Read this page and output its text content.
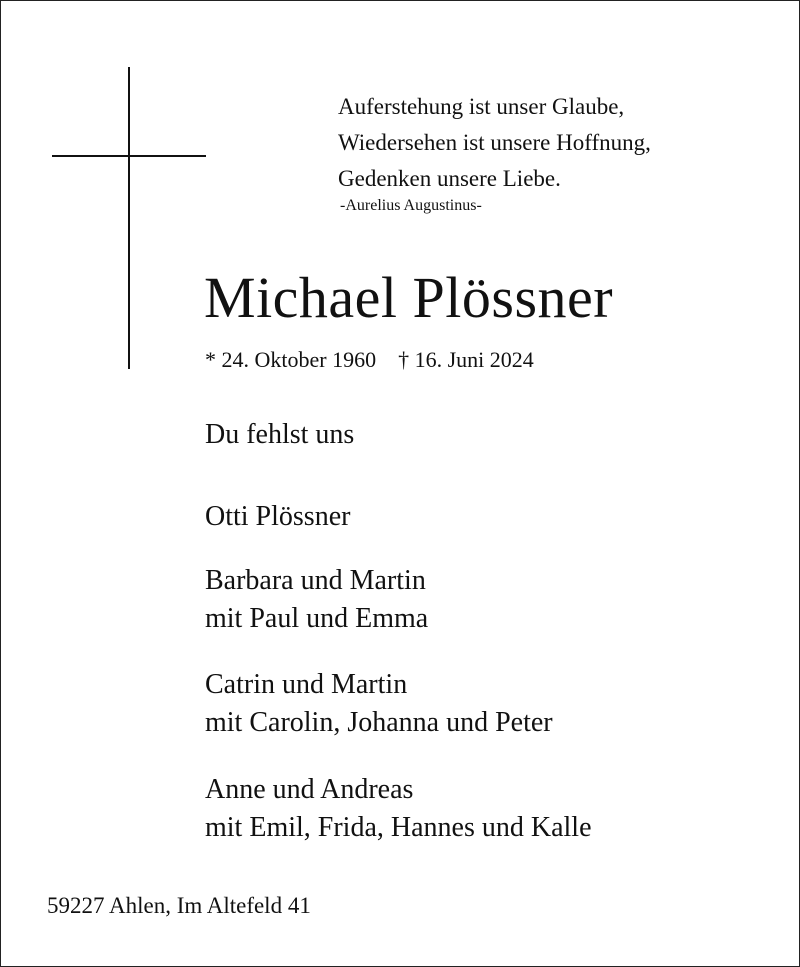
Auferstehung ist unser Glaube,
Wiedersehen ist unsere Hoffnung,
Gedenken unsere Liebe.
-Aurelius Augustinus-
Michael Plössner
* 24. Oktober 1960 † 16. Juni 2024
Du fehlst uns
Otti Plössner
Barbara und Martin
mit Paul und Emma
Catrin und Martin
mit Carolin, Johanna und Peter
Anne und Andreas
mit Emil, Frida, Hannes und Kalle
59227 Ahlen, Im Altefeld 41
